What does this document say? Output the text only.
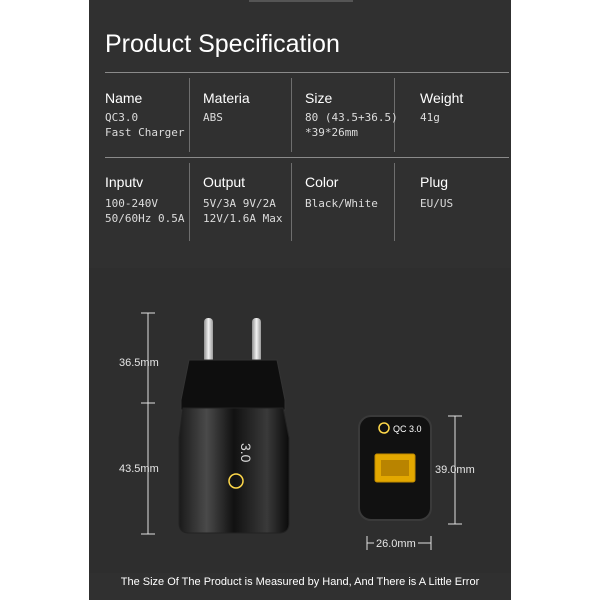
Product Specification
Name
QC3.0
Fast Charger
Materia
ABS
Size
80 (43.5+36.5)
*39*26mm
Weight
41g
Inputv
100-240V
50/60Hz 0.5A
Output
5V/3A 9V/2A
12V/1.6A Max
Color
Black/White
Plug
EU/US
3.0
QC 3.0
36.5mm
43.5mm	39.0mm
26.0mm
The Size Of The Product is Measured by Hand, And There is A Little Error
